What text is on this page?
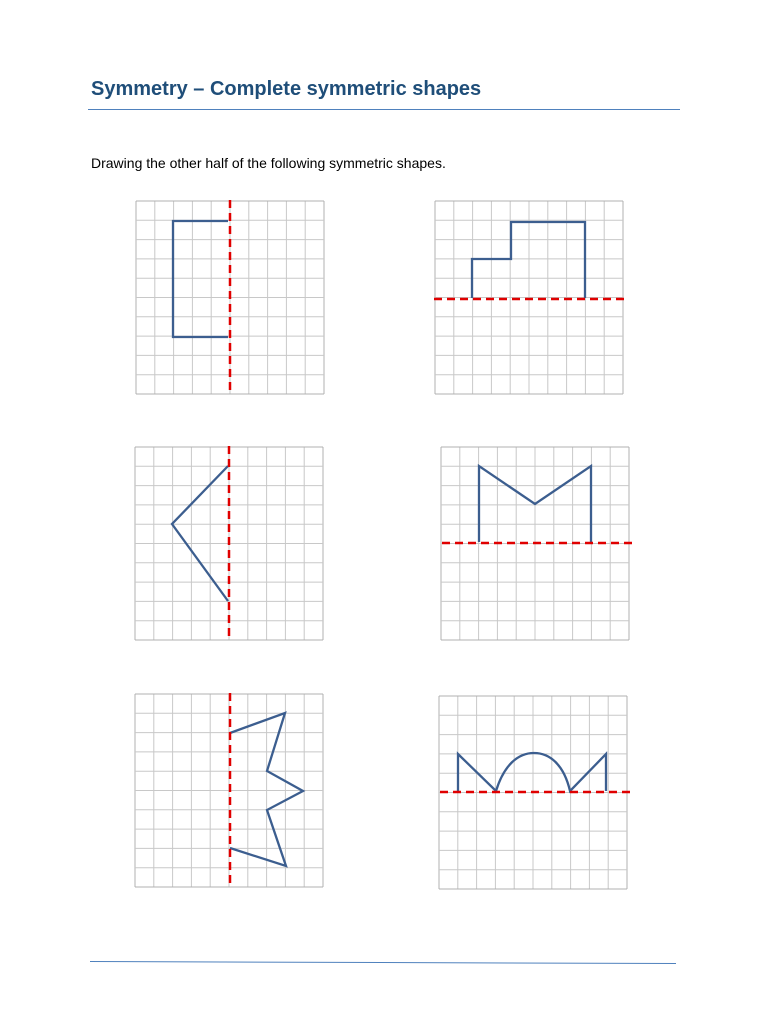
Symmetry – Complete symmetric shapes

Drawing the other half of the following symmetric shapes.
